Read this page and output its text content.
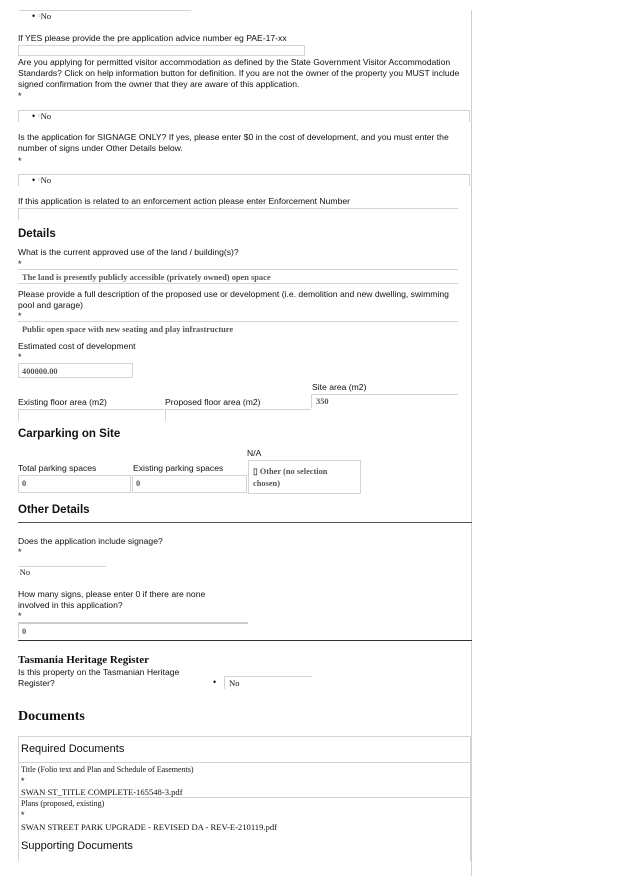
• ○No
If YES please provide the pre application advice number eg PAE-17-xx
Are you applying for permitted visitor accommodation as defined by the State Government Visitor Accommodation Standards? Click on help information button for definition. If you are not the owner of the property you MUST include signed confirmation from the owner that they are aware of this application.
*
• ○No
Is the application for SIGNAGE ONLY? If yes, please enter $0 in the cost of development, and you must enter the number of signs under Other Details below.
*
• ○No
If this application is related to an enforcement action please enter Enforcement Number
Details
What is the current approved use of the land / building(s)?
*
The land is presently publicly accessible (privately owned) open space
Please provide a full description of the proposed use or development (i.e. demolition and new dwelling, swimming pool and garage)
*
Public open space with new seating and play infrastructure
Estimated cost of development
*
400000.00
Site area (m2)
350
Existing floor area (m2)	Proposed floor area (m2)
Carparking on Site
N/A
Total parking spaces
0
Existing parking spaces
0
▯ Other (no selection
chosen)
Other Details
Does the application include signage?
*
▫No
How many signs, please enter 0 if there are none
involved in this application?
*
0
Tasmania Heritage Register
Is this property on the Tasmanian Heritage
Register?	• No
Documents
Required Documents
Title (Folio text and Plan and Schedule of Easements)
*
SWAN ST_TITLE COMPLETE-165548-3.pdf
Plans (proposed, existing)
*
SWAN STREET PARK UPGRADE - REVISED DA - REV-E-210119.pdf
Supporting Documents
